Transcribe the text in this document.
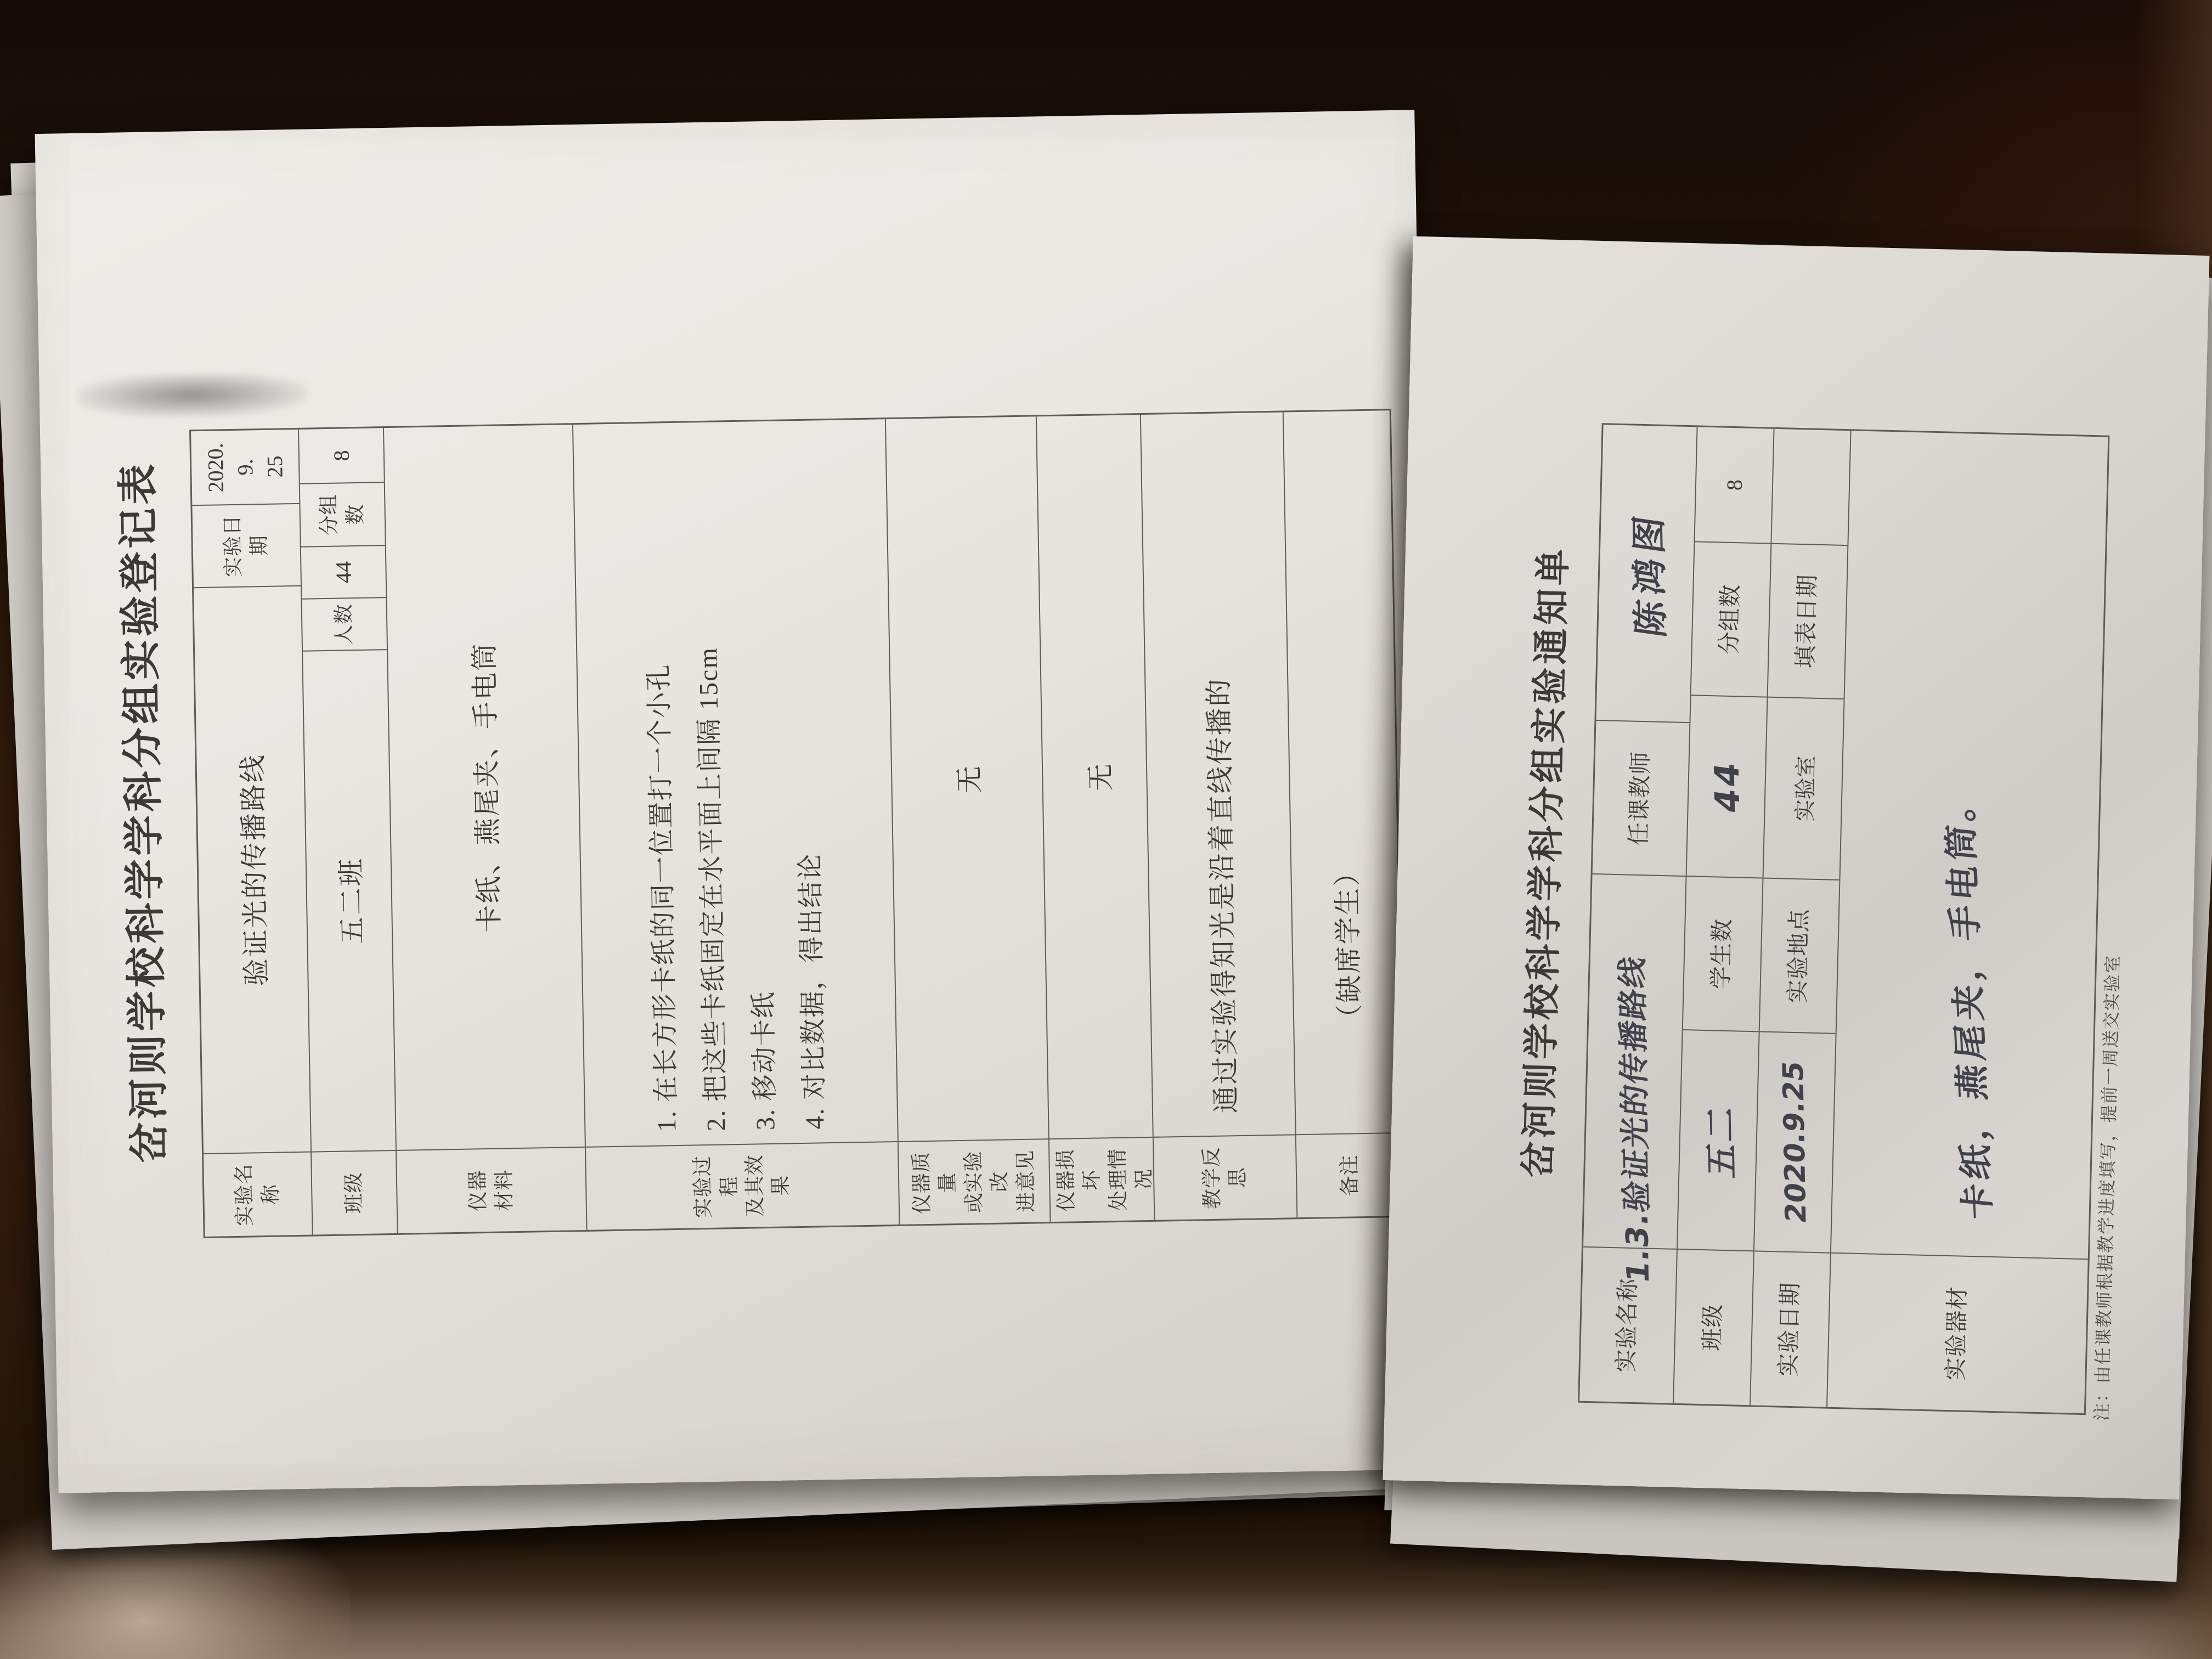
岔河则学校科学学科分组实验登记表
实验名称
验证光的传播路线
实验日期
2020. 9. 25
班级
五二班
人数
44
分组数
8
仪器 材料
卡纸、燕尾夹、手电筒
实验过程 及其效果
1. 在长方形卡纸的同一位置打一个小孔 2. 把这些卡纸固定在水平面上间隔 15cm 3. 移动卡纸 4. 对比数据，得出结论
仪器质量 或实验改 进意见
无
仪器损坏 处理情况
无
教学反思
通过实验得知光是沿着直线传播的
备注
（缺席学生）	岔河则学校科学学科分组实验通知单
实验名称
1.3.验证光的传播路线
任课教师
陈鸿图
班级
五二
学生数
44
分组数
8
实验日期
2020.9.25
实验地点
实验室
填表日期
实验器材
卡纸，燕尾夹，手电筒。	注：由任课教师根据教学进度填写，提前一周送交实验室
